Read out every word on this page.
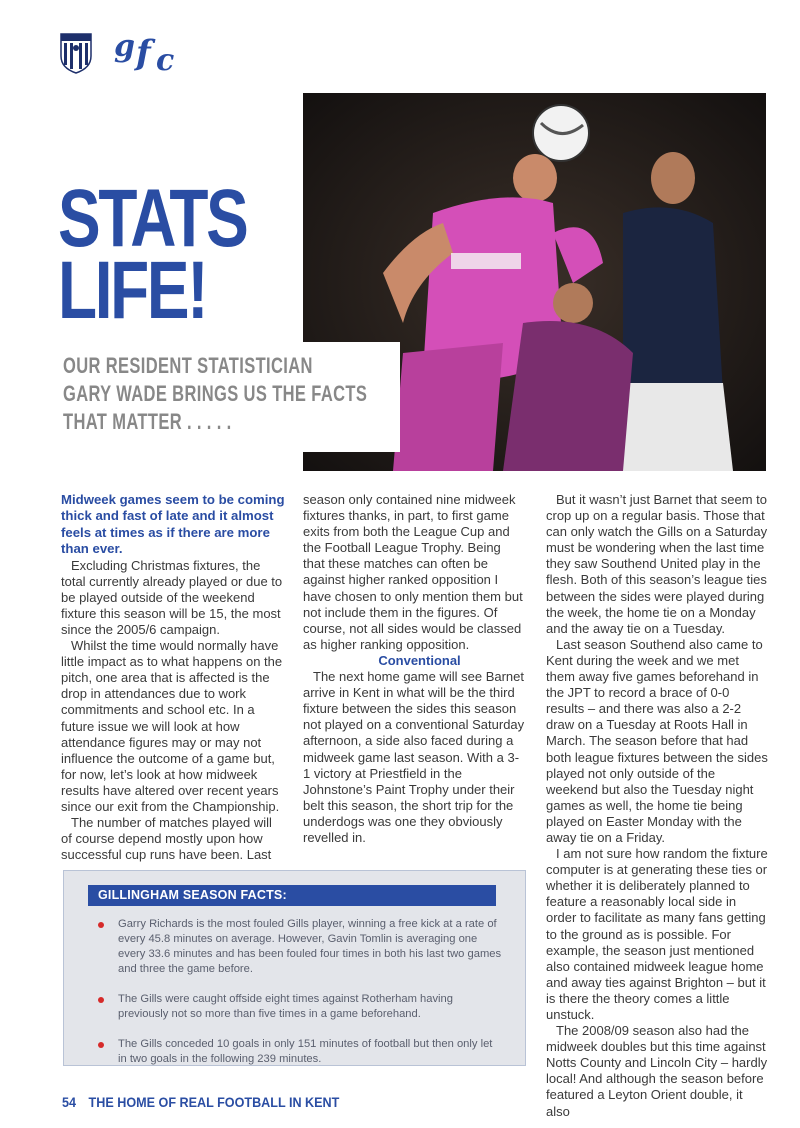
g f c
STATS
LIFE!
OUR RESIDENT STATISTICIAN
GARY WADE BRINGS US THE FACTS
THAT MATTER . . . . .

Midweek games seem to be coming thick and fast of late and it almost feels at times as if there are more than ever.

Excluding Christmas fixtures, the total currently already played or due to be played outside of the weekend fixture this season will be 15, the most since the 2005/6 campaign.

Whilst the time would normally have little impact as to what happens on the pitch, one area that is affected is the drop in attendances due to work commitments and school etc. In a future issue we will look at how attendance figures may or may not influence the outcome of a game but, for now, let’s look at how midweek results have altered over recent years since our exit from the Championship.

The number of matches played will of course depend mostly upon how successful cup runs have been. Last

season only contained nine midweek fixtures thanks, in part, to first game exits from both the League Cup and the Football League Trophy. Being that these matches can often be against higher ranked opposition I have chosen to only mention them but not include them in the figures. Of course, not all sides would be classed as higher ranking opposition.

Conventional

The next home game will see Barnet arrive in Kent in what will be the third fixture between the sides this season not played on a conventional Saturday afternoon, a side also faced during a midweek game last season. With a 3-1 victory at Priestfield in the Johnstone’s Paint Trophy under their belt this season, the short trip for the underdogs was one they obviously revelled in.

But it wasn’t just Barnet that seem to crop up on a regular basis. Those that can only watch the Gills on a Saturday must be wondering when the last time they saw Southend United play in the flesh. Both of this season’s league ties between the sides were played during the week, the home tie on a Monday and the away tie on a Tuesday.

Last season Southend also came to Kent during the week and we met them away five games beforehand in the JPT to record a brace of 0-0 results – and there was also a 2-2 draw on a Tuesday at Roots Hall in March. The season before that had both league fixtures between the sides played not only outside of the weekend but also the Tuesday night games as well, the home tie being played on Easter Monday with the away tie on a Friday.

I am not sure how random the fixture computer is at generating these ties or whether it is deliberately planned to feature a reasonably local side in order to facilitate as many fans getting to the ground as is possible. For example, the season just mentioned also contained midweek league home and away ties against Brighton – but it is there the theory comes a little unstuck.

The 2008/09 season also had the midweek doubles but this time against Notts County and Lincoln City – hardly local! And although the season before featured a Leyton Orient double, it also

GILLINGHAM SEASON FACTS:
Garry Richards is the most fouled Gills player, winning a free kick at a rate of every 45.8 minutes on average. However, Gavin Tomlin is averaging one every 33.6 minutes and has been fouled four times in both his last two games and three the game before.
The Gills were caught offside eight times against Rotherham having previously not so more than five times in a game beforehand.
The Gills conceded 10 goals in only 151 minutes of football but then only let in two goals in the following 239 minutes.
54 THE HOME OF REAL FOOTBALL IN KENT
